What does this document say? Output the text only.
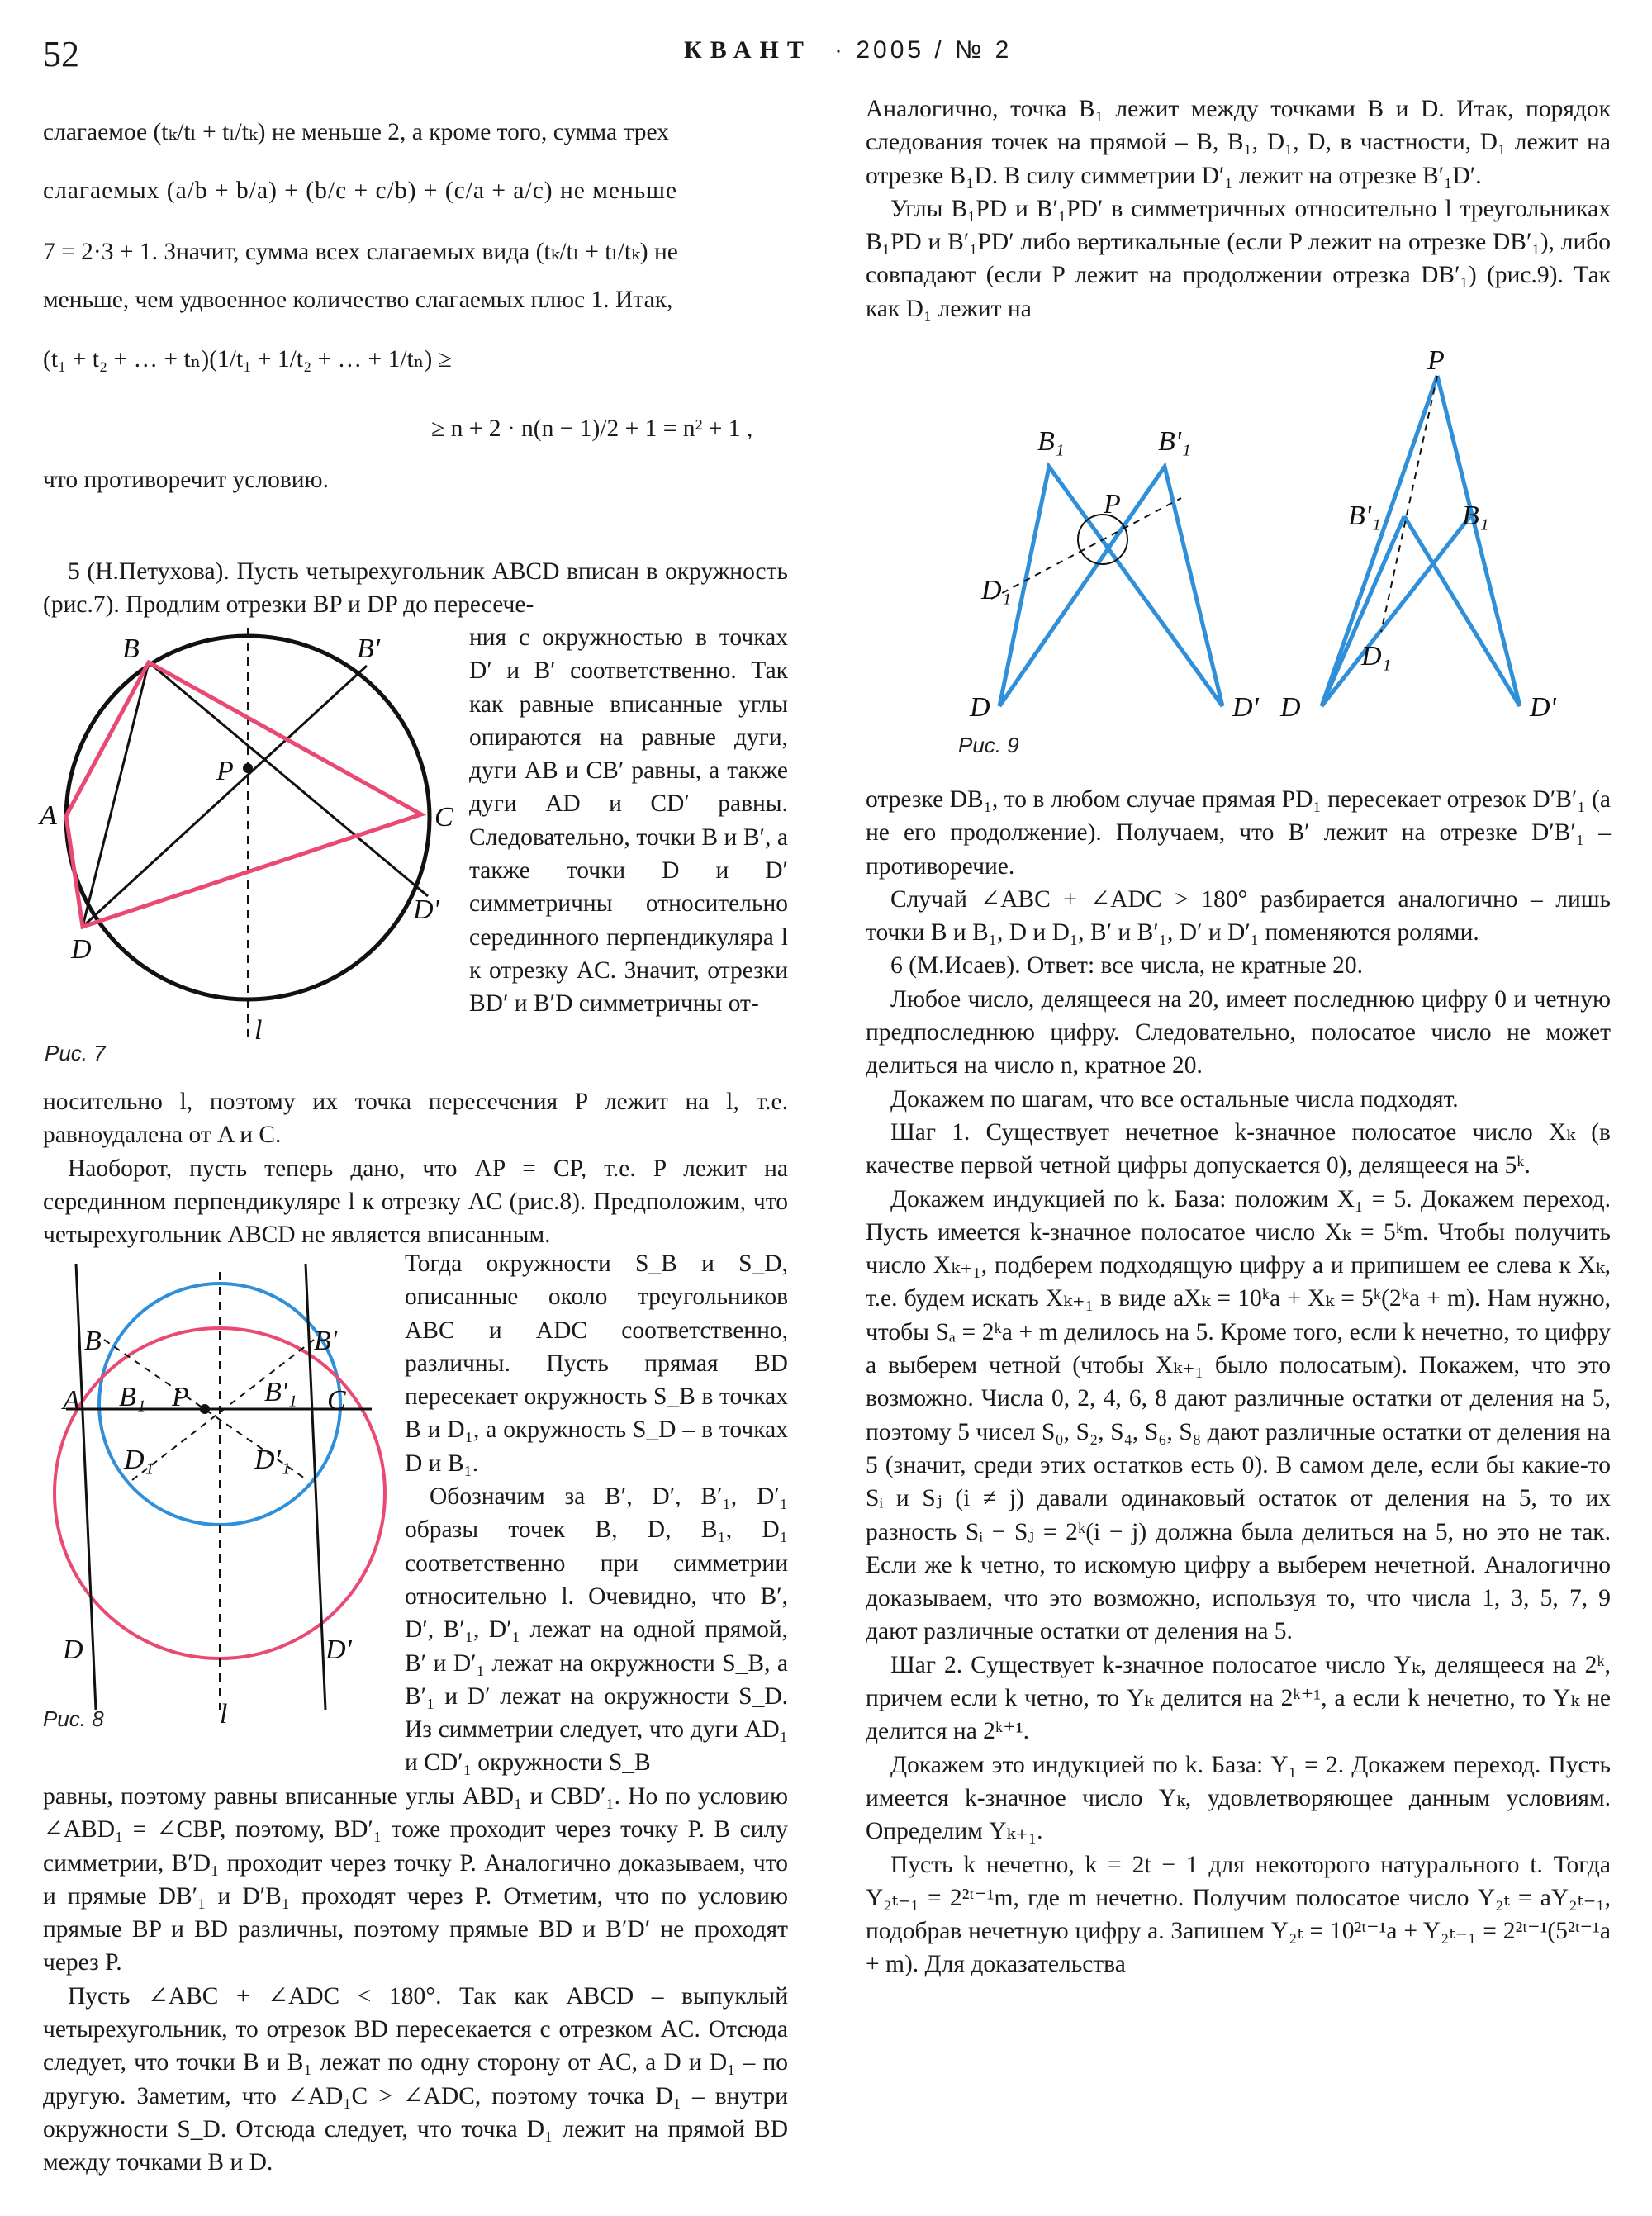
52	КВАНТ · 2005 / № 2

слагаемое (tₖ/tₗ + tₗ/tₖ) не меньше 2, а кроме того, сумма трех

слагаемых (a/b + b/a) + (b/c + c/b) + (c/a + a/c) не меньше

7 = 2·3 + 1. Значит, сумма всех слагаемых вида (tₖ/tₗ + tₗ/tₖ) не

меньше, чем удвоенное количество слагаемых плюс 1. Итак,

(t₁ + t₂ + … + tₙ)(1/t₁ + 1/t₂ + … + 1/tₙ) ≥

≥ n + 2 · n(n − 1)/2 + 1 = n² + 1 ,

что противоречит условию.

5 (Н.Петухова). Пусть четырехугольник ABCD вписан в окружность (рис.7). Продлим отрезки BP и DP до пересече-

B	B'
A
P
C
D
D'
l
Рис. 7

ния с окружностью в точках D′ и B′ соответственно. Так как равные вписанные углы опираются на равные дуги, дуги AB и CB′ равны, а также дуги AD и CD′ равны. Следовательно, точки B и B′, а также точки D и D′ симметричны относительно серединного перпендикуляра l к отрезку AC. Значит, отрезки BD′ и B′D симметричны от-

носительно l, поэтому их точка пересечения P лежит на l, т.е. равноудалена от A и C.

Наоборот, пусть теперь дано, что AP = CP, т.е. P лежит на серединном перпендикуляре l к отрезку AC (рис.8). Предположим, что четырехугольник ABCD не является вписанным.

B	B'
A B₁ P	B'₁ C
D₁	D'₁
D	D'
l
Рис. 8

Тогда окружности S_B и S_D, описанные около треугольников ABC и ADC соответственно, различны. Пусть прямая BD пересекает окружность S_B в точках B и D₁, а окружность S_D – в точках D и B₁.

Обозначим за B′, D′, B′₁, D′₁ образы точек B, D, B₁, D₁ соответственно при симметрии относительно l. Очевидно, что B′, D′, B′₁, D′₁ лежат на одной прямой, B′ и D′₁ лежат на окружности S_B, а B′₁ и D′ лежат на окружности S_D. Из симметрии следует, что дуги AD₁ и CD′₁ окружности S_B

равны, поэтому равны вписанные углы ABD₁ и CBD′₁. Но по условию ∠ABD₁ = ∠CBP, поэтому, BD′₁ тоже проходит через точку P. В силу симметрии, B′D₁ проходит через точку P. Аналогично доказываем, что и прямые DB′₁ и D′B₁ проходят через P. Отметим, что по условию прямые BP и BD различны, поэтому прямые BD и B′D′ не проходят через P.

Пусть ∠ABC + ∠ADC < 180°. Так как ABCD – выпуклый четырехугольник, то отрезок BD пересекается с отрезком AC. Отсюда следует, что точки B и B₁ лежат по одну сторону от AC, а D и D₁ – по другую. Заметим, что ∠AD₁C > ∠ADC, поэтому точка D₁ – внутри окружности S_D. Отсюда следует, что точка D₁ лежит на прямой BD между точками B и D.

Аналогично, точка B₁ лежит между точками B и D. Итак, порядок следования точек на прямой – B, B₁, D₁, D, в частности, D₁ лежит на отрезке B₁D. В силу симметрии D′₁ лежит на отрезке B′₁D′.

Углы B₁PD и B′₁PD′ в симметричных относительно l треугольниках B₁PD и B′₁PD′ либо вертикальные (если P лежит на отрезке DB′₁), либо совпадают (если P лежит на продолжении отрезка DB′₁) (рис.9). Так как D₁ лежит на

B₁	B'₁
P
D₁
D	D'
P
B'₁	B₁
D₁
D	D'
Рис. 9

отрезке DB₁, то в любом случае прямая PD₁ пересекает отрезок D′B′₁ (а не его продолжение). Получаем, что B′ лежит на отрезке D′B′₁ – противоречие.

Случай ∠ABC + ∠ADC > 180° разбирается аналогично – лишь точки B и B₁, D и D₁, B′ и B′₁, D′ и D′₁ поменяются ролями.

6 (М.Исаев). Ответ: все числа, не кратные 20.

Любое число, делящееся на 20, имеет последнюю цифру 0 и четную предпоследнюю цифру. Следовательно, полосатое число не может делиться на число n, кратное 20.

Докажем по шагам, что все остальные числа подходят.

Шаг 1. Существует нечетное k-значное полосатое число Xₖ (в качестве первой четной цифры допускается 0), делящееся на 5ᵏ.

Докажем индукцией по k. База: положим X₁ = 5. Докажем переход. Пусть имеется k-значное полосатое число Xₖ = 5ᵏm. Чтобы получить число Xₖ₊₁, подберем подходящую цифру a и припишем ее слева к Xₖ, т.е. будем искать Xₖ₊₁ в виде aXₖ = 10ᵏa + Xₖ = 5ᵏ(2ᵏa + m). Нам нужно, чтобы Sₐ = 2ᵏa + m делилось на 5. Кроме того, если k нечетно, то цифру a выберем четной (чтобы Xₖ₊₁ было полосатым). Покажем, что это возможно. Числа 0, 2, 4, 6, 8 дают различные остатки от деления на 5, поэтому 5 чисел S₀, S₂, S₄, S₆, S₈ дают различные остатки от деления на 5 (значит, среди этих остатков есть 0). В самом деле, если бы какие-то Sᵢ и Sⱼ (i ≠ j) давали одинаковый остаток от деления на 5, то их разность Sᵢ − Sⱼ = 2ᵏ(i − j) должна была делиться на 5, но это не так. Если же k четно, то искомую цифру a выберем нечетной. Аналогично доказываем, что это возможно, используя то, что числа 1, 3, 5, 7, 9 дают различные остатки от деления на 5.

Шаг 2. Существует k-значное полосатое число Yₖ, делящееся на 2ᵏ, причем если k четно, то Yₖ делится на 2ᵏ⁺¹, а если k нечетно, то Yₖ не делится на 2ᵏ⁺¹.

Докажем это индукцией по k. База: Y₁ = 2. Докажем переход. Пусть имеется k-значное число Yₖ, удовлетворяющее данным условиям. Определим Yₖ₊₁.

Пусть k нечетно, k = 2t − 1 для некоторого натурального t. Тогда Y₂ₜ₋₁ = 2²ᵗ⁻¹m, где m нечетно. Получим полосатое число Y₂ₜ = aY₂ₜ₋₁, подобрав нечетную цифру a. Запишем Y₂ₜ = 10²ᵗ⁻¹a + Y₂ₜ₋₁ = 2²ᵗ⁻¹(5²ᵗ⁻¹a + m). Для доказательства
